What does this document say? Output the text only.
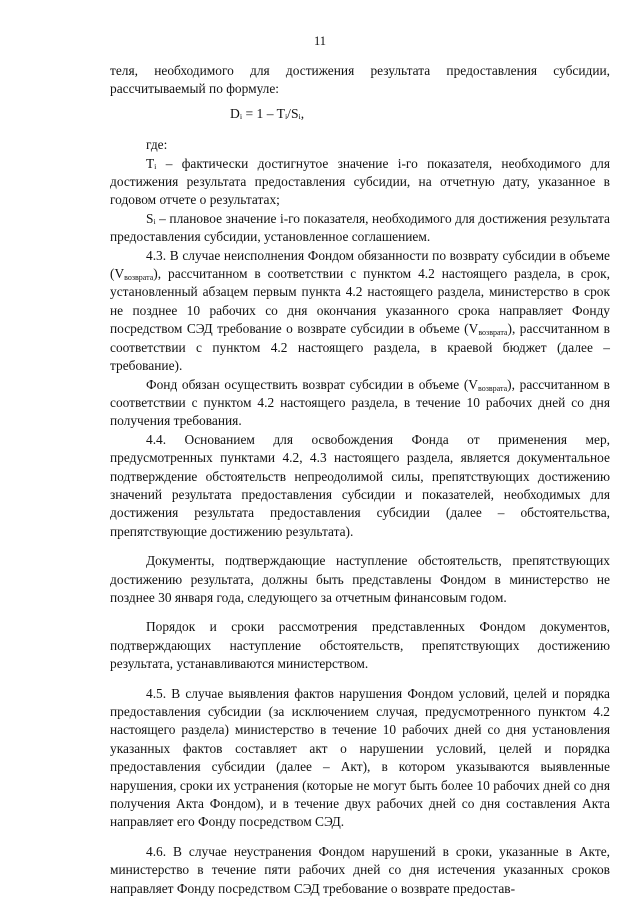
11

теля, необходимого для достижения результата предоставления субсидии, рассчитываемый по формуле:

Dᵢ = 1 – Tᵢ/Sᵢ,

где:

Tᵢ – фактически достигнутое значение i-го показателя, необходимого для достижения результата предоставления субсидии, на отчетную дату, указанное в годовом отчете о результатах;

Sᵢ – плановое значение i-го показателя, необходимого для достижения результата предоставления субсидии, установленное соглашением.

4.3. В случае неисполнения Фондом обязанности по возврату субсидии в объеме $(V_{возврата})$, рассчитанном в соответствии с пунктом 4.2 настоящего раздела, в срок, установленный абзацем первым пункта 4.2 настоящего раздела, министерство в срок не позднее 10 рабочих со дня окончания указанного срока направляет Фонду посредством СЭД требование о возврате субсидии в объеме $(V_{возврата})$, рассчитанном в соответствии с пунктом 4.2 настоящего раздела, в краевой бюджет (далее – требование).

Фонд обязан осуществить возврат субсидии в объеме $(V_{возврата})$, рассчитанном в соответствии с пунктом 4.2 настоящего раздела, в течение 10 рабочих дней со дня получения требования.

4.4. Основанием для освобождения Фонда от применения мер, предусмотренных пунктами 4.2, 4.3 настоящего раздела, является документальное подтверждение обстоятельств непреодолимой силы, препятствующих достижению значений результата предоставления субсидии и показателей, необходимых для достижения результата предоставления субсидии (далее – обстоятельства, препятствующие достижению результата).

Документы, подтверждающие наступление обстоятельств, препятствующих достижению результата, должны быть представлены Фондом в министерство не позднее 30 января года, следующего за отчетным финансовым годом.

Порядок и сроки рассмотрения представленных Фондом документов, подтверждающих наступление обстоятельств, препятствующих достижению результата, устанавливаются министерством.

4.5. В случае выявления фактов нарушения Фондом условий, целей и порядка предоставления субсидии (за исключением случая, предусмотренного пунктом 4.2 настоящего раздела) министерство в течение 10 рабочих дней со дня установления указанных фактов составляет акт о нарушении условий, целей и порядка предоставления субсидии (далее – Акт), в котором указываются выявленные нарушения, сроки их устранения (которые не могут быть более 10 рабочих дней со дня получения Акта Фондом), и в течение двух рабочих дней со дня составления Акта направляет его Фонду посредством СЭД.

4.6. В случае неустранения Фондом нарушений в сроки, указанные в Акте, министерство в течение пяти рабочих дней со дня истечения указанных сроков направляет Фонду посредством СЭД требование о возврате предостав-
